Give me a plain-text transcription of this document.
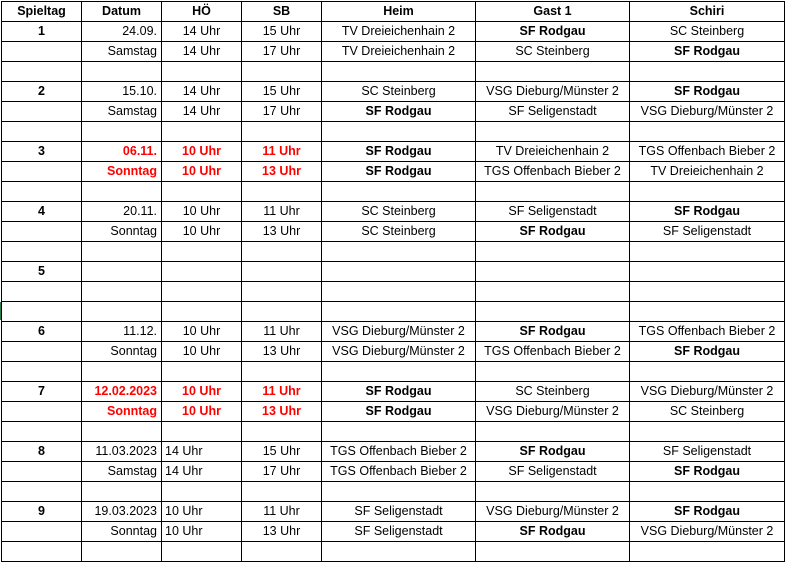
Spieltag	Datum	HÖ	SB	Heim	Gast 1	Schiri
1	24.09.	14 Uhr	15 Uhr	TV Dreieichenhain 2	SF Rodgau	SC Steinberg
	Samstag	14 Uhr	17 Uhr	TV Dreieichenhain 2	SC Steinberg	SF Rodgau

2	15.10.	14 Uhr	15 Uhr	SC Steinberg	VSG Dieburg/Münster 2	SF Rodgau
	Samstag	14 Uhr	17 Uhr	SF Rodgau	SF Seligenstadt	VSG Dieburg/Münster 2

3	06.11.	10 Uhr	11 Uhr	SF Rodgau	TV Dreieichenhain 2	TGS Offenbach Bieber 2
	Sonntag	10 Uhr	13 Uhr	SF Rodgau	TGS Offenbach Bieber 2	TV Dreieichenhain 2

4	20.11.	10 Uhr	11 Uhr	SC Steinberg	SF Seligenstadt	SF Rodgau
	Sonntag	10 Uhr	13 Uhr	SC Steinberg	SF Rodgau	SF Seligenstadt

5						

6	11.12.	10 Uhr	11 Uhr	VSG Dieburg/Münster 2	SF Rodgau	TGS Offenbach Bieber 2
	Sonntag	10 Uhr	13 Uhr	VSG Dieburg/Münster 2	TGS Offenbach Bieber 2	SF Rodgau

7	12.02.2023	10 Uhr	11 Uhr	SF Rodgau	SC Steinberg	VSG Dieburg/Münster 2
	Sonntag	10 Uhr	13 Uhr	SF Rodgau	VSG Dieburg/Münster 2	SC Steinberg

8	11.03.2023	14 Uhr	15 Uhr	TGS Offenbach Bieber 2	SF Rodgau	SF Seligenstadt
	Samstag	14 Uhr	17 Uhr	TGS Offenbach Bieber 2	SF Seligenstadt	SF Rodgau

9	19.03.2023	10 Uhr	11 Uhr	SF Seligenstadt	VSG Dieburg/Münster 2	SF Rodgau
	Sonntag	10 Uhr	13 Uhr	SF Seligenstadt	SF Rodgau	VSG Dieburg/Münster 2
